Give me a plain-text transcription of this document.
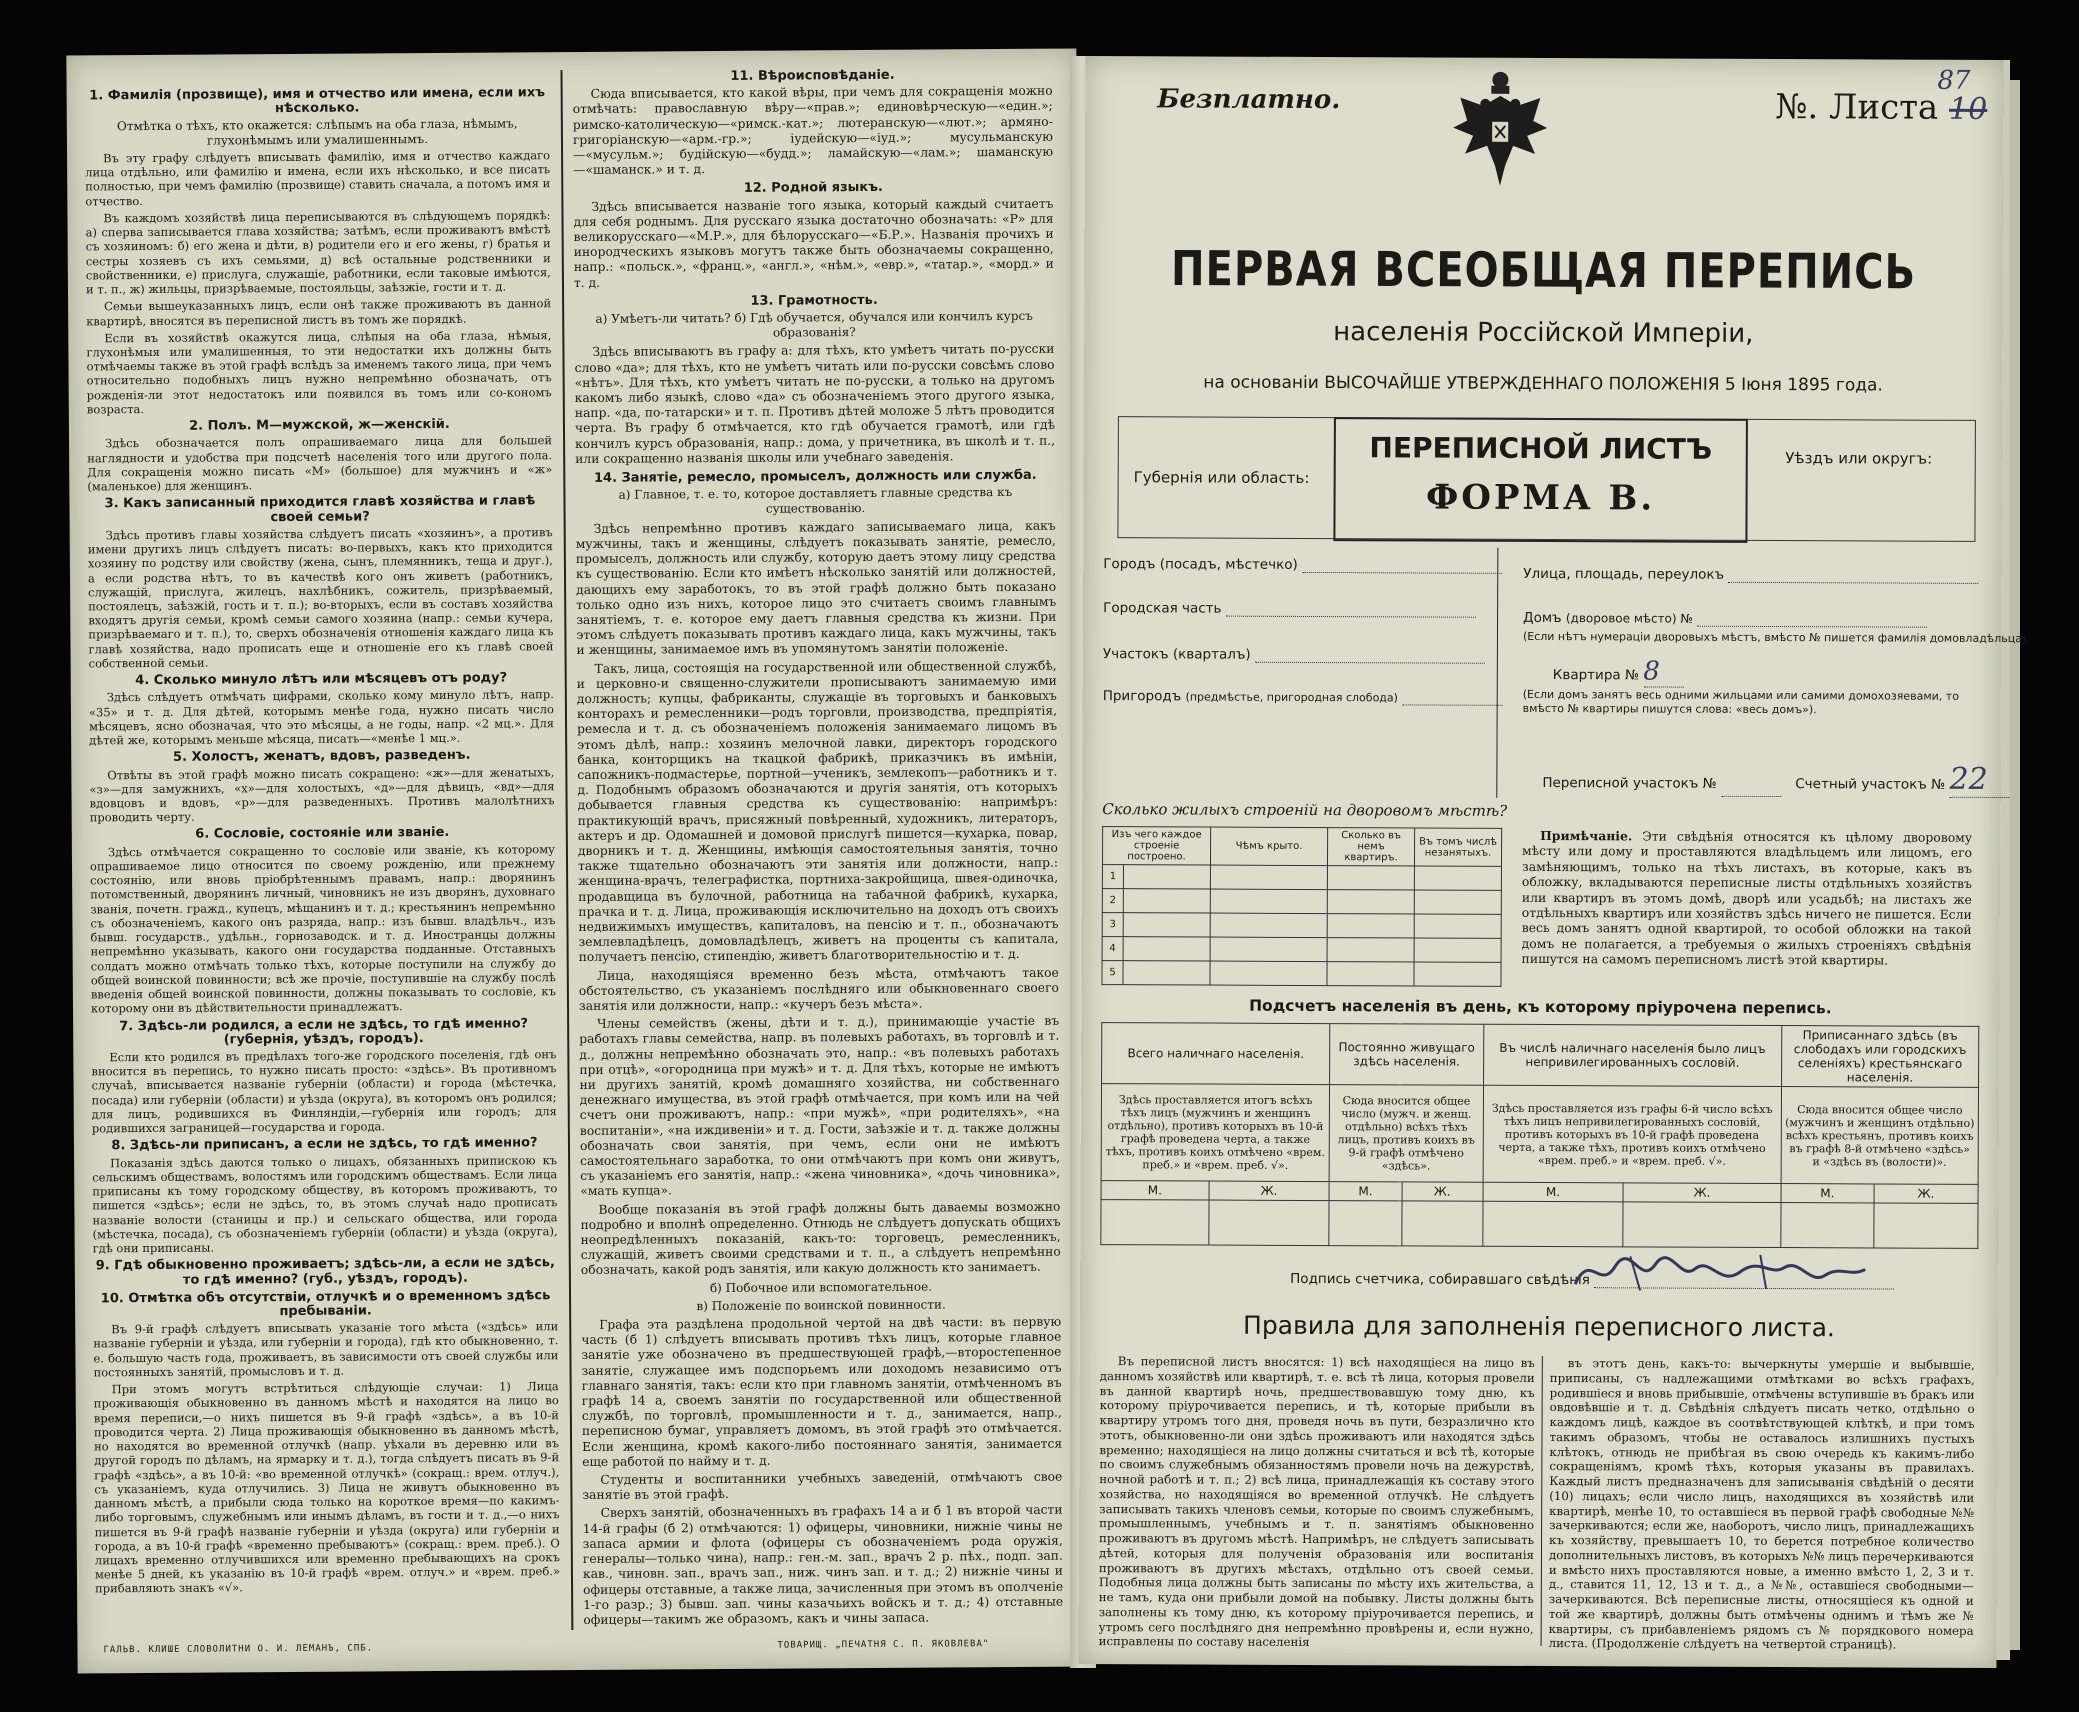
1. Фамилія (прозвище), имя и отчество или имена, если ихъ нѣсколько.
Отмѣтка о тѣхъ, кто окажется: слѣпымъ на оба глаза, нѣмымъ, глухонѣмымъ или умалишеннымъ.

Въ эту графу слѣдуетъ вписывать фамилію, имя и отчество каждаго лица отдѣльно, или фамилію и имена, если ихъ нѣсколько, и все писать полностью, при чемъ фамилію (прозвище) ставить сначала, а потомъ имя и отчество.

Въ каждомъ хозяйствѣ лица переписываются въ слѣдующемъ порядкѣ: а) сперва записывается глава хозяйства; затѣмъ, если проживаютъ вмѣстѣ съ хозяиномъ: б) его жена и дѣти, в) родители его и его жены, г) братья и сестры хозяевъ съ ихъ семьями, д) всѣ остальные родственники и свойственники, е) прислуга, служащіе, работники, если таковые имѣются, и т. п., ж) жильцы, призрѣваемые, постояльцы, заѣзжіе, гости и т. д.

Семьи вышеуказанныхъ лицъ, если онѣ также проживаютъ въ данной квартирѣ, вносятся въ переписной листъ въ томъ же порядкѣ.

Если въ хозяйствѣ окажутся лица, слѣпыя на оба глаза, нѣмыя, глухонѣмыя или умалишенныя, то эти недостатки ихъ должны быть отмѣчаемы также въ этой графѣ вслѣдъ за именемъ такого лица, при чемъ относительно подобныхъ лицъ нужно непремѣнно обозначать, отъ рожденія-ли этот недостатокъ или появился въ томъ или со-кономъ возраста.

2. Полъ. М—мужской, ж—женскій.

Здѣсь обозначается полъ опрашиваемаго лица для большей наглядности и удобства при подсчетѣ населенія того или другого пола. Для сокращенія можно писать «М» (большое) для мужчинъ и «ж» (маленькое) для женщинъ.

3. Какъ записанный приходится главѣ хозяйства и главѣ своей семьи?

Здѣсь противъ главы хозяйства слѣдуетъ писать «хозяинъ», а противъ имени другихъ лицъ слѣдуетъ писать: во-первыхъ, какъ кто приходится хозяину по родству или свойству (жена, сынъ, племянникъ, теща и друг.), а если родства нѣтъ, то въ качествѣ кого онъ живетъ (работникъ, служащій, прислуга, жилецъ, нахлѣбникъ, сожитель, призрѣваемый, постоялецъ, заѣзжій, гость и т. п.); во-вторыхъ, если въ составъ хозяйства входятъ другія семьи, кромѣ семьи самого хозяина (напр.: семьи кучера, призрѣваемаго и т. п.), то, сверхъ обозначенія отношенія каждаго лица къ главѣ хозяйства, надо прописать еще и отношеніе его къ главѣ своей собственной семьи.

4. Сколько минуло лѣтъ или мѣсяцевъ отъ роду?

Здѣсь слѣдуетъ отмѣчать цифрами, сколько кому минуло лѣтъ, напр. «35» и т. д. Для дѣтей, которымъ менѣе года, нужно писать число мѣсяцевъ, ясно обозначая, что это мѣсяцы, а не годы, напр. «2 мц.». Для дѣтей же, которымъ меньше мѣсяца, писать—«менѣе 1 мц.».

5. Холостъ, женатъ, вдовъ, разведенъ.

Отвѣты въ этой графѣ можно писать сокращено: «ж»—для женатыхъ, «з»—для замужнихъ, «х»—для холостыхъ, «д»—для дѣвицъ, «вд»—для вдовцовъ и вдовъ, «р»—для разведенныхъ. Противъ малолѣтнихъ проводить черту.

6. Сословіе, состояніе или званіе.

Здѣсь отмѣчается сокращенно то сословіе или званіе, къ которому опрашиваемое лицо относится по своему рожденію, или прежнему состоянію, или вновь пріобрѣтеннымъ правамъ, напр.: дворянинъ потомственный, дворянинъ личный, чиновникъ не изъ дворянъ, духовнаго званія, почетн. гражд., купецъ, мѣщанинъ и т. д.; крестьянинъ непремѣнно съ обозначеніемъ, какого онъ разряда, напр.: изъ бывш. владѣльч., изъ бывш. государств., удѣльн., горнозаводск. и т. д. Иностранцы должны непремѣнно указывать, какого они государства подданные. Отставныхъ солдатъ можно отмѣчать только тѣхъ, которые поступили на службу до общей воинской повинности; всѣ же прочіе, поступившіе на службу послѣ введенія общей воинской повинности, должны показывать то сословіе, къ которому они въ дѣйствительности принадлежатъ.

7. Здѣсь-ли родился, а если не здѣсь, то гдѣ именно? (губернія, уѣздъ, городъ).

Если кто родился въ предѣлахъ того-же городского поселенія, гдѣ онъ вносится въ перепись, то нужно писать просто: «здѣсь». Въ противномъ случаѣ, вписывается названіе губерніи (области) и города (мѣстечка, посада) или губерніи (области) и уѣзда (округа), въ которомъ онъ родился; для лицъ, родившихся въ Финляндіи,—губернія или городъ; для родившихся заграницей—государства и города.

8. Здѣсь-ли приписанъ, а если не здѣсь, то гдѣ именно?

Показанія здѣсь даются только о лицахъ, обязанныхъ припискою къ сельскимъ обществамъ, волостямъ или городскимъ обществамъ. Если лица приписаны къ тому городскому обществу, въ которомъ проживаютъ, то пишется «здѣсь»; если не здѣсь, то, въ этомъ случаѣ надо прописать названіе волости (станицы и пр.) и сельскаго общества, или города (мѣстечка, посада), съ обозначеніемъ губерніи (области) и уѣзда (округа), гдѣ они приписаны.

9. Гдѣ обыкновенно проживаетъ; здѣсь-ли, а если не здѣсь, то гдѣ именно? (губ., уѣздъ, городъ).
10. Отмѣтка объ отсутствіи, отлучкѣ и о временномъ здѣсь пребываніи.

Въ 9-й графѣ слѣдуетъ вписывать указаніе того мѣста («здѣсь» или названіе губерніи и уѣзда, или губерніи и города), гдѣ кто обыкновенно, т. е. большую часть года, проживаетъ, въ зависимости отъ своей службы или постоянныхъ занятій, промысловъ и т. д.

При этомъ могутъ встрѣтиться слѣдующіе случаи: 1) Лица проживающія обыкновенно въ данномъ мѣстѣ и находятся на лицо во время переписи,—о нихъ пишется въ 9-й графѣ «здѣсь», а въ 10-й проводится черта. 2) Лица проживающія обыкновенно въ данномъ мѣстѣ, но находятся во временной отлучкѣ (напр. уѣхали въ деревню или въ другой городъ по дѣламъ, на ярмарку и т. д.), тогда слѣдуетъ писать въ 9-й графѣ «здѣсь», а въ 10-й: «во временной отлучкѣ» (сокращ.: врем. отлуч.), съ указаніемъ, куда отлучились. 3) Лица не живутъ обыкновенно въ данномъ мѣстѣ, а прибыли сюда только на короткое время—по какимъ-либо торговымъ, служебнымъ или инымъ дѣламъ, въ гости и т. д.,—о нихъ пишется въ 9-й графѣ названіе губерніи и уѣзда (округа) или губерніи и города, а въ 10-й графѣ «временно пребываютъ» (сокращ.: врем. преб.). О лицахъ временно отлучившихся или временно пребывающихъ на срокъ менѣе 5 дней, къ указанію въ 10-й графѣ «врем. отлуч.» и «врем. преб.» прибавляють знакъ «√».

11. Вѣроисповѣданіе.

Сюда вписывается, кто какой вѣры, при чемъ для сокращенія можно отмѣчать: православную вѣру—«прав.»; единовѣрческую—«един.»; римско-католическую—«римск.-кат.»; лютеранскую—«лют.»; армяно-григоріанскую—«арм.-гр.»; іудейскую—«іуд.»; мусульманскую—«мусульм.»; будійскую—«будд.»; ламайскую—«лам.»; шаманскую—«шаманск.» и т. д.

12. Родной языкъ.

Здѣсь вписывается названіе того языка, который каждый считаетъ для себя роднымъ. Для русскаго языка достаточно обозначать: «Р» для великорусскаго—«М.Р.», для бѣлорусскаго—«Б.Р.». Названія прочихъ и инородческихъ языковъ могутъ также быть обозначаемы сокращенно, напр.: «польск.», «франц.», «англ.», «нѣм.», «евр.», «татар.», «морд.» и т. д.

13. Грамотность.
а) Умѣетъ-ли читать? б) Гдѣ обучается, обучался или кончилъ курсъ образованія?

Здѣсь вписываютъ въ графу а: для тѣхъ, кто умѣетъ читать по-русски слово «да»; для тѣхъ, кто не умѣетъ читать или по-русски совсѣмъ слово «нѣтъ». Для тѣхъ, кто умѣетъ читать не по-русски, а только на другомъ какомъ либо языкѣ, слово «да» съ обозначеніемъ этого другого языка, напр. «да, по-татарски» и т. п. Противъ дѣтей моложе 5 лѣтъ проводится черта. Въ графу б отмѣчается, кто гдѣ обучается грамотѣ, или гдѣ кончилъ курсъ образованія, напр.: дома, у причетника, въ школѣ и т. п., или сокращенно названія школы или учебнаго заведенія.

14. Занятіе, ремесло, промыселъ, должность или служба.
а) Главное, т. е. то, которое доставляетъ главные средства къ существованію.

Здѣсь непремѣнно противъ каждаго записываемаго лица, какъ мужчины, такъ и женщины, слѣдуетъ показывать занятіе, ремесло, промыселъ, должность или службу, которую даетъ этому лицу средства къ существованію. Если кто имѣетъ нѣсколько занятій или должностей, дающихъ ему заработокъ, то въ этой графѣ должно быть показано только одно изъ нихъ, которое лицо это считаетъ своимъ главнымъ занятіемъ, т. е. которое ему даетъ главныя средства къ жизни. При этомъ слѣдуетъ показывать противъ каждаго лица, какъ мужчины, такъ и женщины, занимаемое имъ въ упомянутомъ занятіи положеніе.

Такъ, лица, состоящія на государственной или общественной службѣ, и церковно-и священно-служители прописываютъ занимаемую ими должность; купцы, фабриканты, служащіе въ торговыхъ и банковыхъ конторахъ и ремесленники—родъ торговли, производства, предпріятія, ремесла и т. д. съ обозначеніемъ положенія занимаемаго лицомъ въ этомъ дѣлѣ, напр.: хозяинъ мелочной лавки, директоръ городского банка, конторщикъ на ткацкой фабрикѣ, приказчикъ въ имѣніи, сапожникъ-подмастерье, портной—ученикъ, землекопъ—работникъ и т. д. Подобнымъ образомъ обозначаются и другія занятія, отъ которыхъ добывается главныя средства къ существованію: напримѣръ: практикующій врачъ, присяжный повѣренный, художникъ, литераторъ, актеръ и др. Одомашней и домовой прислугѣ пишется—кухарка, повар, дворникъ и т. д. Женщины, имѣющія самостоятельныя занятія, точно также тщательно обозначаютъ эти занятія или должности, напр.: женщина-врачъ, телеграфистка, портниха-закройщица, швея-одиночка, продавщица въ булочной, работница на табачной фабрикѣ, кухарка, прачка и т. д. Лица, проживающія исключительно на доходъ отъ своихъ недвижимыхъ имуществъ, капиталовъ, на пенсію и т. п., обозначаютъ землевладѣлецъ, домовладѣлецъ, живетъ на проценты съ капитала, получаетъ пенсію, стипендію, живетъ благотворительностію и т. д.

Лица, находящіяся временно безъ мѣста, отмѣчаютъ такое обстоятельство, съ указаніемъ послѣдняго или обыкновеннаго своего занятія или должности, напр.: «кучеръ безъ мѣста».

Члены семействъ (жены, дѣти и т. д.), принимающіе участіе въ работахъ главы семейства, напр. въ полевыхъ работахъ, въ торговлѣ и т. д., должны непремѣнно обозначать это, напр.: «въ полевыхъ работахъ при отцѣ», «огородница при мужѣ» и т. д. Для тѣхъ, которые не имѣютъ ни другихъ занятій, кромѣ домашняго хозяйства, ни собственнаго денежнаго имущества, въ этой графѣ отмѣчается, при комъ или на чей счетъ они проживаютъ, напр.: «при мужѣ», «при родителяхъ», «на воспитаніи», «на иждивеніи» и т. д. Гости, заѣзжіе и т. д. также должны обозначать свои занятія, при чемъ, если они не имѣютъ самостоятельнаго заработка, то они отмѣчаютъ при комъ они живутъ, съ указаніемъ его занятія, напр.: «жена чиновника», «дочь чиновника», «мать купца».

Вообще показанія въ этой графѣ должны быть даваемы возможно подробно и вполнѣ определенно. Отнюдь не слѣдуетъ допускать общихъ неопредѣленныхъ показаній, какъ-то: торговецъ, ремесленникъ, служащій, живетъ своими средствами и т. п., а слѣдуетъ непремѣнно обозначать, какой родъ занятія, или какую должность кто занимаетъ.

б) Побочное или вспомогательное.
в) Положеніе по воинской повинности.

Графа эта раздѣлена продольной чертой на двѣ части: въ первую часть (б 1) слѣдуетъ вписывать противъ тѣхъ лицъ, которые главное занятіе уже обозначено въ предшествующей графѣ,—второстепенное занятіе, служащее имъ подспорьемъ или доходомъ независимо отъ главнаго занятія, такъ: если кто при главномъ занятіи, отмѣченномъ въ графѣ 14 а, своемъ занятіи по государственной или общественной службѣ, по торговлѣ, промышленности и т. д., занимается, напр., переписною бумаг, управляетъ домомъ, въ этой графѣ это отмѣчается. Если женщина, кромѣ какого-либо постояннаго занятія, занимается еще работой по найму и т. д.

Студенты и воспитанники учебныхъ заведеній, отмѣчаютъ свое занятіе въ этой графѣ.

Сверхъ занятій, обозначенныхъ въ графахъ 14 а и б 1 въ второй части 14-й графы (б 2) отмѣчаются: 1) офицеры, чиновники, нижніе чины не запаса армии и флота (офицеры съ обозначеніемъ рода оружія, генералы—только чина), напр.: ген.-м. зап., врачъ 2 р. пѣх., подп. зап. кав., чиновн. зап., врачъ зап., ниж. чинъ зап. и т. д.; 2) нижніе чины и офицеры отставные, а также лица, зачисленныя при этомъ въ ополченіе 1-го разр.; 3) бывш. зап. чины казачьихъ войскъ и т. д.; 4) отставные офицеры—такимъ же образомъ, какъ и чины запаса.

ГАЛЬВ. КЛИШЕ СЛОВОЛИТНИ О. И. ЛЕМАНЪ, СПБ.	ТОВАРИЩ. „ПЕЧАТНЯ С. П. ЯКОВЛЕВА"
Безплатно.	№. Листа 10
87
ПЕРВАЯ ВСЕОБЩАЯ ПЕРЕПИСЬ
населенія Россійской Имперіи,
на основаніи ВЫСОЧАЙШЕ УТВЕРЖДЕННАГО ПОЛОЖЕНІЯ 5 Іюня 1895 года.
Губернія или область:
ПЕРЕПИСНОЙ ЛИСТЪ
ФОРМА В.
Уѣздъ или округъ:
Городъ (посадъ, мѣстечко)
Городская часть
Участокъ (кварталъ)
Пригородъ (предмѣстье, пригородная слобода)
Улица, площадь, переулокъ
Домъ (дворовое мѣсто) №
(Если нѣтъ нумераціи дворовыхъ мѣстъ, вмѣсто № пишется фамилія домовладѣльца).
Квартира № 8
(Если домъ занятъ весь одними жильцами или самими домохозяевами, то вмѣсто № квартиры пишутся слова: «весь домъ»).
Переписной участокъ №	Счетный участокъ № 22
Сколько жилыхъ строеній на дворовомъ мѣстѣ?
Изъ чего каждое строеніе построено.		Чѣмъ крыто.	Сколько въ немъ квартиръ.	Въ томъ числѣ незанятыхъ.
1				
2				
3				
4				
5				

Примѣчаніе. Эти свѣдѣнія относятся къ цѣлому дворовому мѣсту или дому и проставляются владѣльцемъ или лицомъ, его замѣняющимъ, только на тѣхъ листахъ, въ которые, какъ въ обложку, вкладываются переписные листы отдѣльныхъ хозяйствъ или квартиръ въ этомъ домѣ, дворѣ или усадьбѣ; на листахъ же отдѣльныхъ квартиръ или хозяйствъ здѣсь ничего не пишется. Если весь домъ занятъ одной квартирой, то особой обложки на такой домъ не полагается, а требуемыя о жилыхъ строеніяхъ свѣдѣнія пишутся на самомъ переписномъ листѣ этой квартиры.

Подсчетъ населенія въ день, къ которому пріурочена перепись.
Всего наличнаго населенія.		Постоянно живущаго здѣсь населенія.		Въ числѣ наличнаго населенія было лицъ непривилегированныхъ сословій.		Приписаннаго здѣсь (въ слободахъ или городскихъ селеніяхъ) крестьянскаго населенія.	
Здѣсь проставляется итогъ всѣхъ тѣхъ лицъ (мужчинъ и женщинъ отдѣльно), противъ которыхъ въ 10-й графѣ проведена черта, а также тѣхъ, противъ коихъ отмѣчено «врем. преб.» и «врем. преб. √».		Сюда вносится общее число (мужч. и женщ. отдѣльно) всѣхъ тѣхъ лицъ, противъ коихъ въ 9-й графѣ отмѣчено «здѣсь».		Здѣсь проставляется изъ графы 6-й число всѣхъ тѣхъ лицъ непривилегированныхъ сословій, противъ которыхъ въ 10-й графѣ проведена черта, а также тѣхъ, противъ коихъ отмѣчено «врем. преб.» и «врем. преб. √».		Сюда вносится общее число (мужчинъ и женщинъ отдѣльно) всѣхъ крестьянъ, противъ коихъ въ графѣ 8-й отмѣчено «здѣсь» и «здѣсь въ (волости)».	
М.	Ж.	М.	Ж.	М.	Ж.	М.	Ж.

Подпись счетчика, собиравшаго свѣдѣнія
Правила для заполненія переписного листа.

Въ переписной листъ вносятся: 1) всѣ находящіеся на лицо въ данномъ хозяйствѣ или квартирѣ, т. е. всѣ тѣ лица, которыя провели въ данной квартирѣ ночь, предшествовавшую тому дню, къ которому пріурочивается перепись, и тѣ, которые прибыли въ квартиру утромъ того дня, проведя ночь въ пути, безразлично кто этотъ, обыкновенно-ли они здѣсь проживаютъ или находятся здѣсь временно; находящіеся на лицо должны считаться и всѣ тѣ, которые по своимъ служебнымъ обязанностямъ провели ночь на дежурствѣ, ночной работѣ и т. п.; 2) всѣ лица, принадлежащія къ составу этого хозяйства, но находящіяся во временной отлучкѣ. Не слѣдуетъ записывать такихъ членовъ семьи, которые по своимъ служебнымъ, промышленнымъ, учебнымъ и т. п. занятіямъ обыкновенно проживаютъ въ другомъ мѣстѣ. Напримѣръ, не слѣдуетъ записывать дѣтей, которыя для полученія образованія или воспитанія проживаютъ въ другихъ мѣстахъ, отдѣльно отъ своей семьи. Подобныя лица должны быть записаны по мѣсту ихъ жительства, а не тамъ, куда они прибыли домой на побывку. Листы должны быть заполнены къ тому дню, къ которому пріурочивается перепись, и утромъ сего послѣдняго дня непремѣнно провѣрены и, если нужно, исправлены по составу населенія

въ этотъ день, какъ-то: вычеркнуты умершіе и выбывшіе, приписаны, съ надлежащими отмѣтками во всѣхъ графахъ, родившіеся и вновь прибывшіе, отмѣчены вступившіе въ бракъ или овдовѣвшіе и т. д. Свѣдѣнія слѣдуетъ писать четко, отдѣльно о каждомъ лицѣ, каждое въ соотвѣтствующей клѣткѣ, и при томъ такимъ образомъ, чтобы не оставалось излишнихъ пустыхъ клѣтокъ, отнюдь не прибѣгая въ свою очередь къ какимъ-либо сокращеніямъ, кромѣ тѣхъ, которыя указаны въ правилахъ. Каждый листъ предназначенъ для записыванія свѣдѣній о десяти (10) лицахъ; если число лицъ, находящихся въ хозяйствѣ или квартирѣ, менѣе 10, то оставшіеся въ первой графѣ свободные №№ зачеркиваются; если же, наоборотъ, число лицъ, принадлежащихъ къ хозяйству, превышаетъ 10, то берется потребное количество дополнительныхъ листовъ, въ которыхъ №№ лицъ перечеркиваются и вмѣсто нихъ проставляются новые, а именно вмѣсто 1, 2, 3 и т. д., ставится 11, 12, 13 и т. д., а №№, оставшіеся свободными—зачеркиваются. Всѣ переписные листы, относящіеся къ одной и той же квартирѣ, должны быть отмѣчены однимъ и тѣмъ же № квартиры, съ прибавленіемъ рядомъ съ № порядкового номера листа. (Продолженіе слѣдуетъ на четвертой страницѣ).
